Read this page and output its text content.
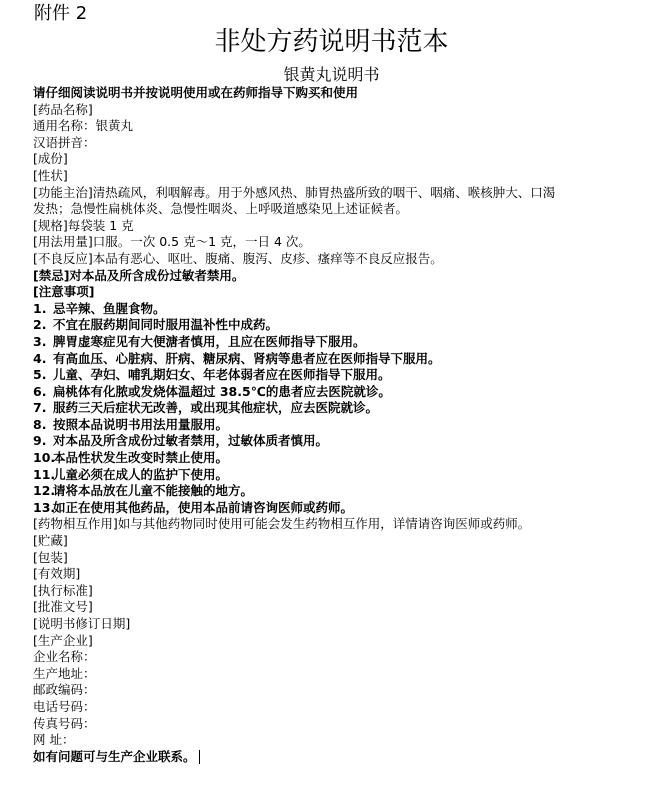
附件 2
非处方药说明书范本
银黄丸说明书
请仔细阅读说明书并按说明使用或在药师指导下购买和使用
[药品名称]
通用名称：银黄丸
汉语拼音：
[成份]
[性状]
[功能主治]清热疏风，利咽解毒。用于外感风热、肺胃热盛所致的咽干、咽痛、喉核肿大、口渴
发热；急慢性扁桃体炎、急慢性咽炎、上呼吸道感染见上述证候者。
[规格]每袋装 1 克
[用法用量]口服。一次 0.5 克～1 克，一日 4 次。
[不良反应]本品有恶心、呕吐、腹痛、腹泻、皮疹、瘙痒等不良反应报告。
[禁忌]对本品及所含成份过敏者禁用。
[注意事项]
1. 忌辛辣、鱼腥食物。
2. 不宜在服药期间同时服用温补性中成药。
3. 脾胃虚寒症见有大便溏者慎用，且应在医师指导下服用。
4. 有高血压、心脏病、肝病、糖尿病、肾病等患者应在医师指导下服用。
5. 儿童、孕妇、哺乳期妇女、年老体弱者应在医师指导下服用。
6. 扁桃体有化脓或发烧体温超过 38.5℃的患者应去医院就诊。
7. 服药三天后症状无改善，或出现其他症状，应去医院就诊。
8. 按照本品说明书用法用量服用。
9. 对本品及所含成份过敏者禁用，过敏体质者慎用。
10.本品性状发生改变时禁止使用。
11.儿童必须在成人的监护下使用。
12.请将本品放在儿童不能接触的地方。
13.如正在使用其他药品，使用本品前请咨询医师或药师。
[药物相互作用]如与其他药物同时使用可能会发生药物相互作用，详情请咨询医师或药师。
[贮藏]
[包装]
[有效期]
[执行标准]
[批准文号]
[说明书修订日期]
[生产企业]
企业名称：
生产地址：
邮政编码：
电话号码：
传真号码：
网 址：
如有问题可与生产企业联系。
